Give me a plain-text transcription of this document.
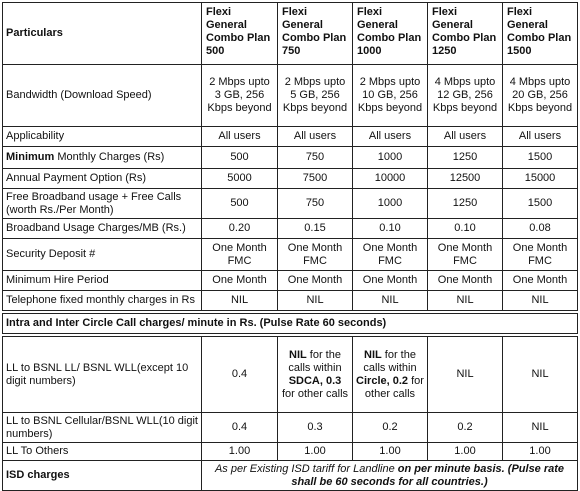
Particulars	Flexi General Combo Plan 500	Flexi General Combo Plan 750	Flexi General Combo Plan 1000	Flexi General Combo Plan 1250	Flexi General Combo Plan 1500
Bandwidth (Download Speed)	2 Mbps upto 3 GB, 256 Kbps beyond	2 Mbps upto 5 GB, 256 Kbps beyond	2 Mbps upto 10 GB, 256 Kbps beyond	4 Mbps upto 12 GB, 256 Kbps beyond	4 Mbps upto 20 GB, 256 Kbps beyond
Applicability	All users	All users	All users	All users	All users
Minimum Monthly Charges (Rs)	500	750	1000	1250	1500
Annual Payment Option (Rs)	5000	7500	10000	12500	15000
Free Broadband usage + Free Calls (worth Rs./Per Month)	500	750	1000	1250	1500
Broadband Usage Charges/MB (Rs.)	0.20	0.15	0.10	0.10	0.08
Security Deposit #	One Month FMC	One Month FMC	One Month FMC	One Month FMC	One Month FMC
Minimum Hire Period	One Month	One Month	One Month	One Month	One Month
Telephone fixed monthly charges in Rs	NIL	NIL	NIL	NIL	NIL

Intra and Inter Circle Call charges/ minute in Rs. (Pulse Rate 60 seconds)					

LL to BSNL LL/ BSNL WLL(except 10 digit numbers)	0.4	NIL for the calls within SDCA, 0.3 for other calls	NIL for the calls within Circle, 0.2 for other calls	NIL	NIL
LL to BSNL Cellular/BSNL WLL(10 digit numbers)	0.4	0.3	0.2	0.2	NIL
LL To Others	1.00	1.00	1.00	1.00	1.00
ISD charges	As per Existing ISD tariff for Landline on per minute basis. (Pulse rate shall be 60 seconds for all countries.)				
